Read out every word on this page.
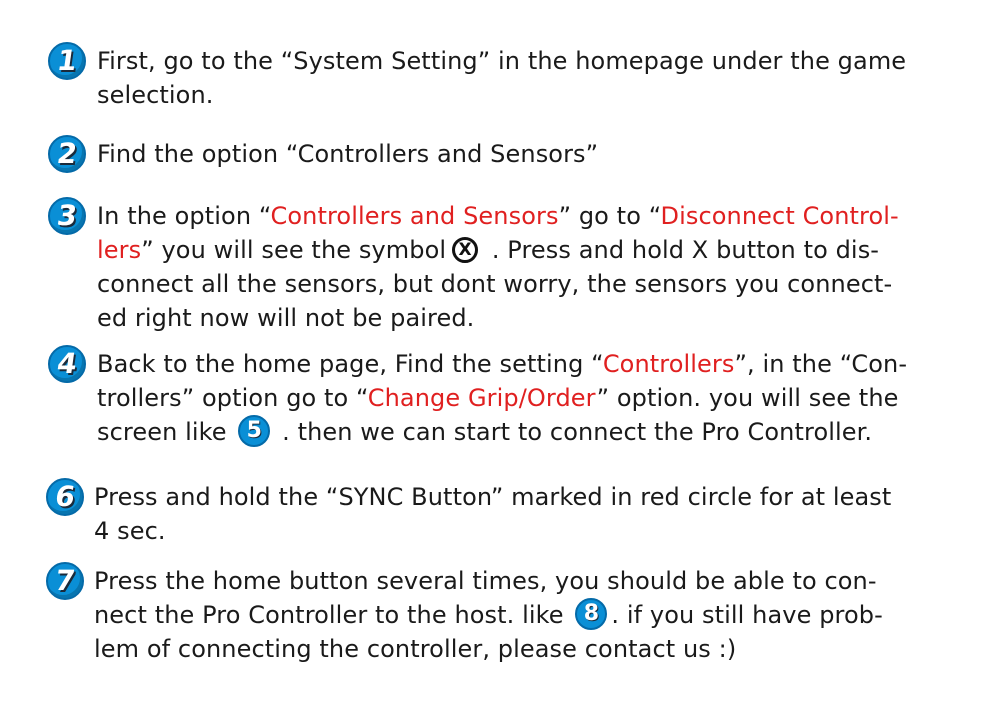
1 First, go to the “System Setting” in the homepage under the game
selection.
2 Find the option “Controllers and Sensors”
3 In the option “Controllers and Sensors” go to “Disconnect Control-
lers” you will see the symbol X . Press and hold X button to dis-
connect all the sensors, but dont worry, the sensors you connect-
ed right now will not be paired.
4 Back to the home page, Find the setting “Controllers”, in the “Con-
trollers” option go to “Change Grip/Order” option. you will see the
screen like 5 . then we can start to connect the Pro Controller.
6 Press and hold the “SYNC Button” marked in red circle for at least
4 sec.
7 Press the home button several times, you should be able to con-
nect the Pro Controller to the host. like 8 . if you still have prob-
lem of connecting the controller, please contact us :)
